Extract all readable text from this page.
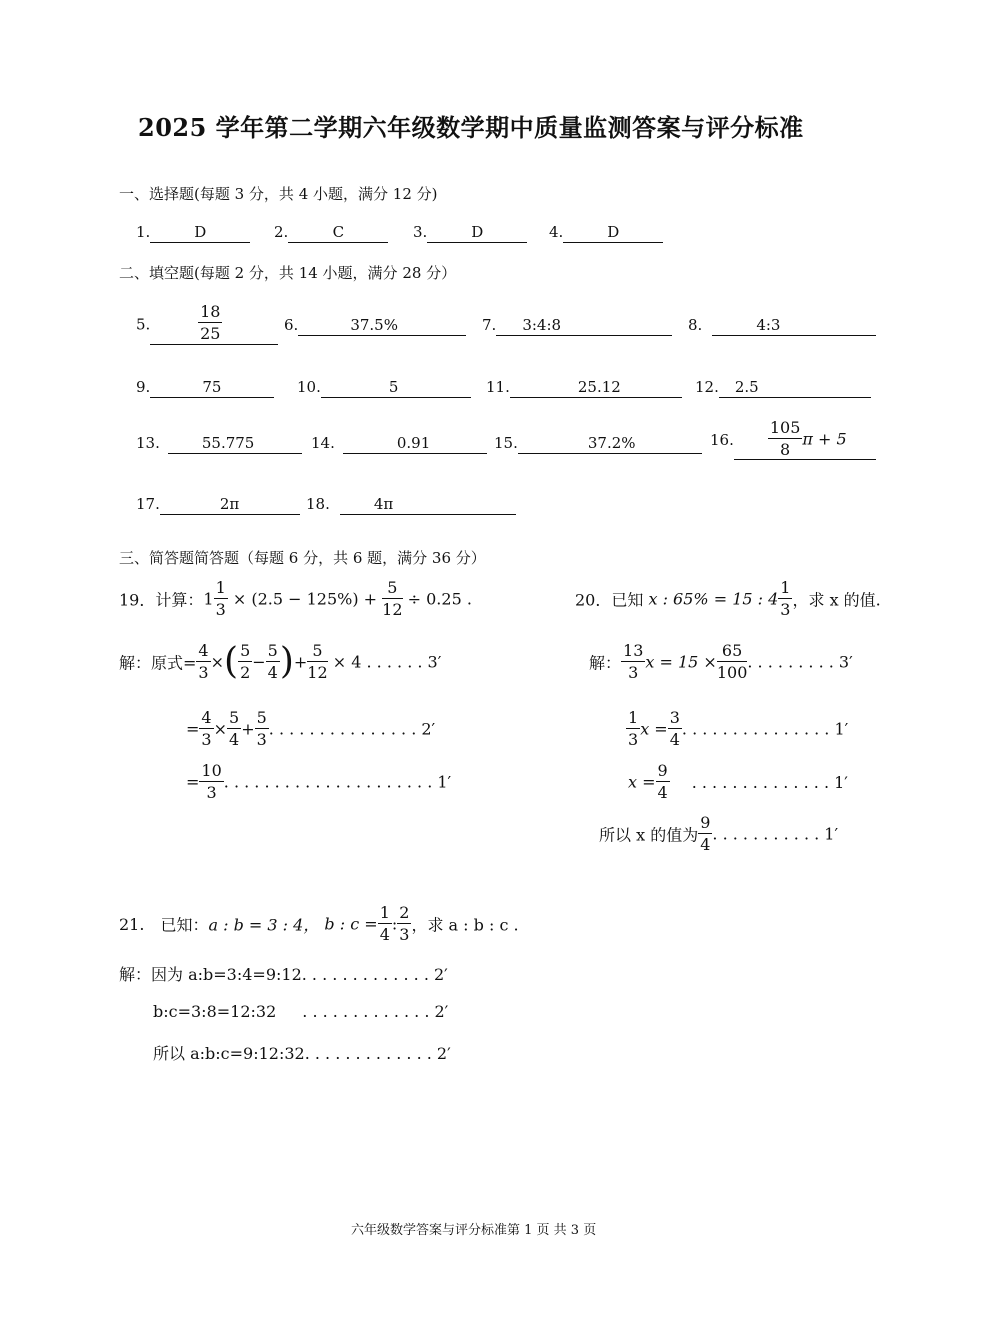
2025 学年第二学期六年级数学期中质量监测答案与评分标准
一、选择题(每题 3 分，共 4 小题，满分 12 分)
1.	D	2.	C	3.	D	4.	D
二、填空题(每题 2 分，共 14 小题，满分 28 分）
5.	$\frac{18}{25}$	6.	37.5%	7. 3:4:8	8.	4:3
9.	75	10.	5	11.	25.12	12. 2.5
13.	55.775	14.	0.91	15.	37.2%	16. $\frac{105}{8}$ π + 5
17.	2π	18.	4π
三、简答题简答题（每题 6 分，共 6 题，满分 36 分）
19．计算：$1 \frac{1}{3} \times (2.5 - 125\%) + \frac{5}{12} \div 0.25$ .
解：原式= $\frac{4}{3}$ ×( $\frac{5}{2} - \frac{5}{4}$ )+ $\frac{5}{12} \times 4$ . . . . . . 3′
= $\frac{4}{3} \times \frac{5}{4} + \frac{5}{3}$ . . . . . . . . . . . . . . . 2′
= $\frac{10}{3}$ . . . . . . . . . . . . . . . . . . . . . 1′
20．已知 x : 65% = 15 : $4 \frac{1}{3}$ ，求 x 的值.
解： $\frac{13}{3}$ $x = 15 \times \frac{65}{100}$ . . . . . . . . . 3′
$\frac{1}{3}$ $x = \frac{3}{4}$ . . . . . . . . . . . . . . . 1′
$x = \frac{9}{4}$ . . . . . . . . . . . . . . 1′
所以 x 的值为 $\frac{9}{4}$ . . . . . . . . . . . 1′
21. 已知：a : b = 3 : 4， b : $c = \frac{1}{4}$ : $\frac{2}{3}$ ，求 a : b : c .
解：因为 a:b=3:4=9:12. . . . . . . . . . . . . 2′
b:c=3:8=12:32 . . . . . . . . . . . . . 2′
所以 a:b:c=9:12:32. . . . . . . . . . . . . 2′
六年级数学答案与评分标准第 1 页 共 3 页
